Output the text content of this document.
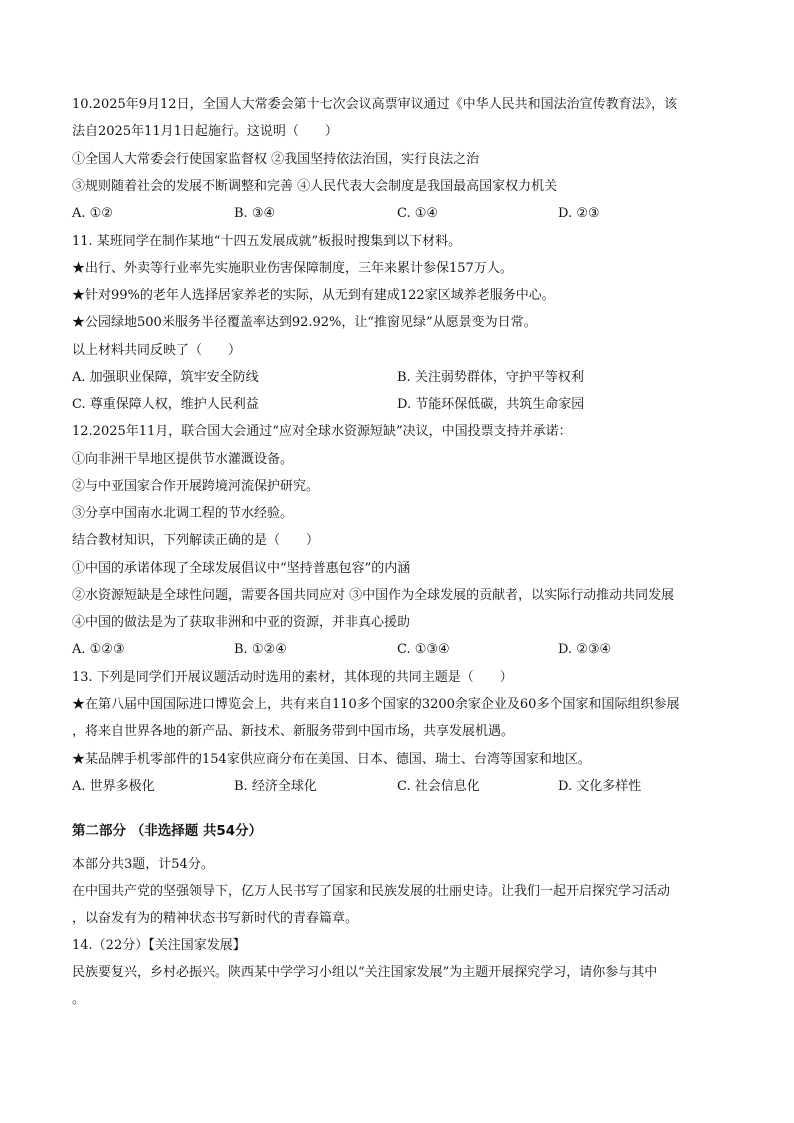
10.2025年9月12日，全国人大常委会第十七次会议高票审议通过《中华人民共和国法治宣传教育法》，该
法自2025年11月1日起施行。这说明（　　）
①全国人大常委会行使国家监督权 ②我国坚持依法治国，实行良法之治
③规则随着社会的发展不断调整和完善 ④人民代表大会制度是我国最高国家权力机关
A. ①②	B. ③④	C. ①④	D. ②③
11. 某班同学在制作某地“十四五发展成就”板报时搜集到以下材料。
★出行、外卖等行业率先实施职业伤害保障制度，三年来累计参保157万人。
★针对99%的老年人选择居家养老的实际，从无到有建成122家区域养老服务中心。
★公园绿地500米服务半径覆盖率达到92.92%，让“推窗见绿”从愿景变为日常。
以上材料共同反映了（　　）
A. 加强职业保障，筑牢安全防线	B. 关注弱势群体，守护平等权利
C. 尊重保障人权，维护人民利益	D. 节能环保低碳，共筑生命家园
12.2025年11月，联合国大会通过“应对全球水资源短缺”决议，中国投票支持并承诺：
①向非洲干旱地区提供节水灌溉设备。
②与中亚国家合作开展跨境河流保护研究。
③分享中国南水北调工程的节水经验。
结合教材知识，下列解读正确的是（　　）
①中国的承诺体现了全球发展倡议中“坚持普惠包容”的内涵
②水资源短缺是全球性问题，需要各国共同应对 ③中国作为全球发展的贡献者，以实际行动推动共同发展
④中国的做法是为了获取非洲和中亚的资源，并非真心援助
A. ①②③	B. ①②④	C. ①③④	D. ②③④
13. 下列是同学们开展议题活动时选用的素材，其体现的共同主题是（　　）
★在第八届中国国际进口博览会上，共有来自110多个国家的3200余家企业及60多个国家和国际组织参展
，将来自世界各地的新产品、新技术、新服务带到中国市场，共享发展机遇。
★某品牌手机零部件的154家供应商分布在美国、日本、德国、瑞士、台湾等国家和地区。
A. 世界多极化	B. 经济全球化	C. 社会信息化	D. 文化多样性
第二部分 （非选择题 共54分）
本部分共3题，计54分。
在中国共产党的坚强领导下，亿万人民书写了国家和民族发展的壮丽史诗。让我们一起开启探究学习活动
，以奋发有为的精神状态书写新时代的青春篇章。
14.（22分）【关注国家发展】
民族要复兴，乡村必振兴。陕西某中学学习小组以“关注国家发展”为主题开展探究学习，请你参与其中
。
